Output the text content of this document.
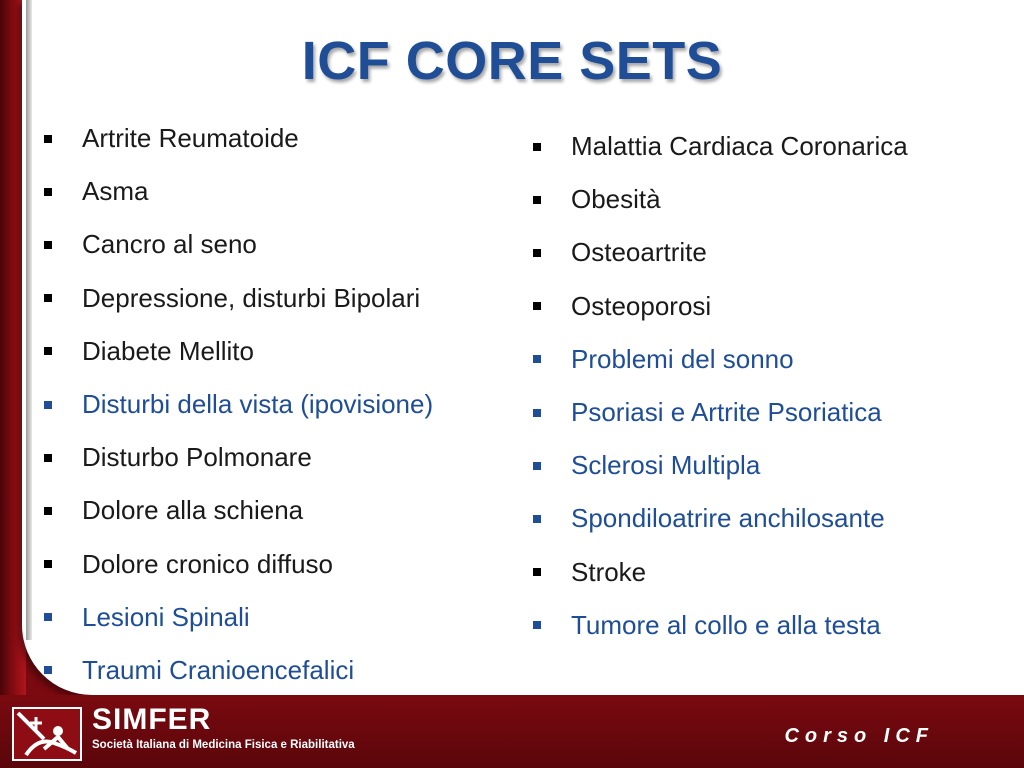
ICF CORE SETS
Artrite Reumatoide
Asma
Cancro al seno
Depressione, disturbi Bipolari
Diabete Mellito
Disturbi della vista (ipovisione)
Disturbo Polmonare
Dolore alla schiena
Dolore cronico diffuso
Lesioni Spinali
Traumi Cranioencefalici
Malattia Cardiaca Coronarica
Obesità
Osteoartrite
Osteoporosi
Problemi del sonno
Psoriasi e Artrite Psoriatica
Sclerosi Multipla
Spondiloatrire anchilosante
Stroke
Tumore al collo e alla testa
SIMFER
Società Italiana di Medicina Fisica e Riabilitativa	Corso ICF
